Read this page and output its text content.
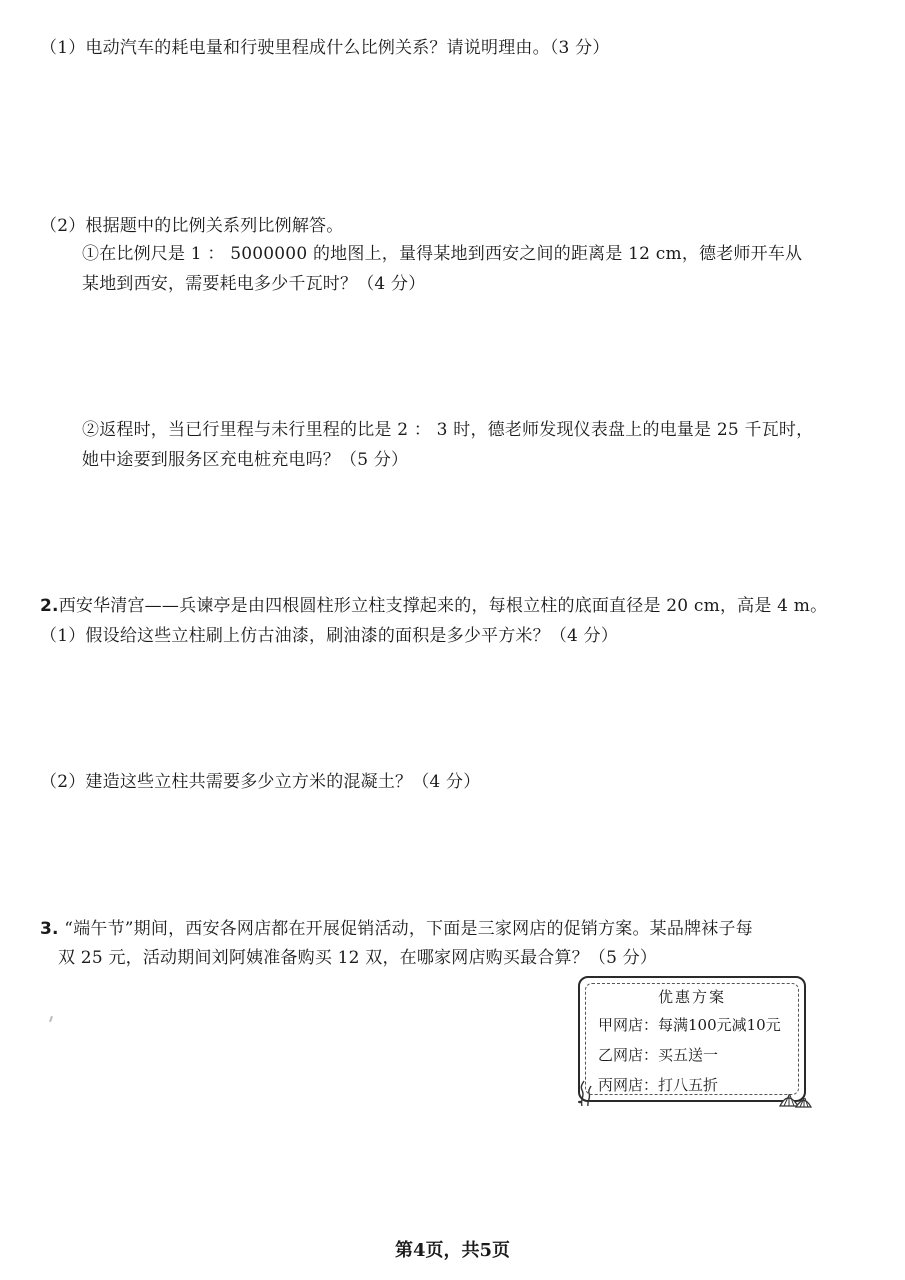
（1）电动汽车的耗电量和行驶里程成什么比例关系？请说明理由。（3 分）
（2）根据题中的比例关系列比例解答。
①在比例尺是 1 ： 5000000 的地图上，量得某地到西安之间的距离是 12 cm，德老师开车从
某地到西安，需要耗电多少千瓦时？（4 分）
②返程时，当已行里程与未行里程的比是 2 ： 3 时，德老师发现仪表盘上的电量是 25 千瓦时，
她中途要到服务区充电桩充电吗？（5 分）
2.西安华清宫——兵谏亭是由四根圆柱形立柱支撑起来的，每根立柱的底面直径是 20 cm，高是 4 m。
（1）假设给这些立柱刷上仿古油漆，刷油漆的面积是多少平方米？（4 分）
（2）建造这些立柱共需要多少立方米的混凝土？（4 分）
3. “端午节”期间，西安各网店都在开展促销活动，下面是三家网店的促销方案。某品牌袜子每
双 25 元，活动期间刘阿姨准备购买 12 双，在哪家网店购买最合算？（5 分）
优惠方案
甲网店：每满100元减10元
乙网店：买五送一
丙网店：打八五折
第4页，共5页
